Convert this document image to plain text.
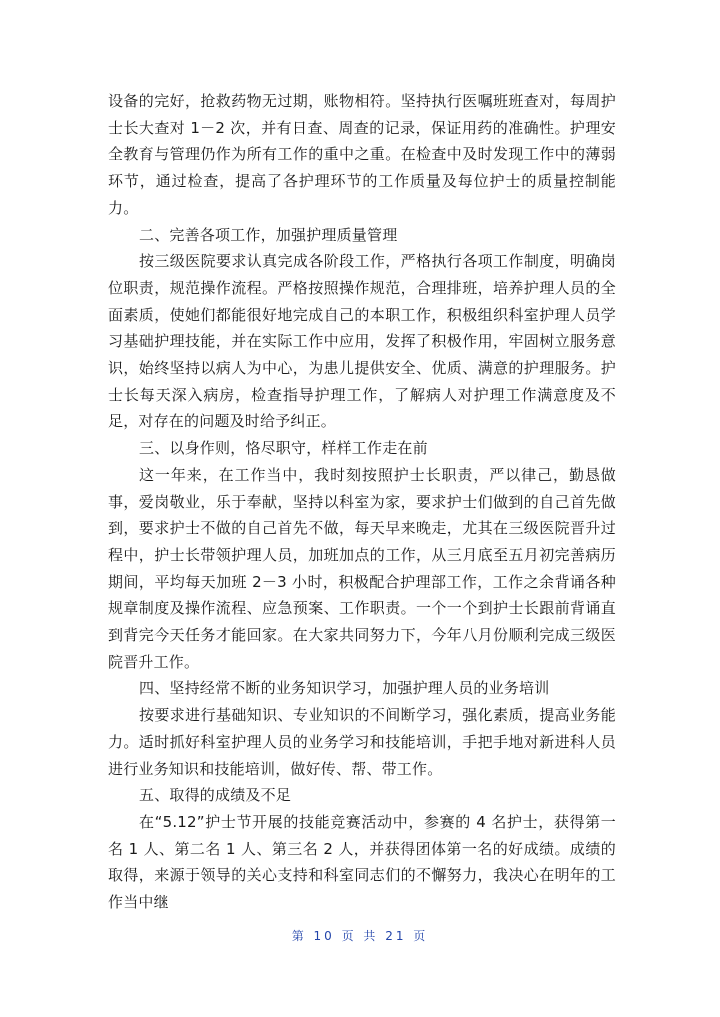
设备的完好，抢救药物无过期，账物相符。坚持执行医嘱班班查对，每周护士长大查对 1－2 次，并有日查、周查的记录，保证用药的准确性。护理安全教育与管理仍作为所有工作的重中之重。在检查中及时发现工作中的薄弱环节，通过检查，提高了各护理环节的工作质量及每位护士的质量控制能力。

二、完善各项工作，加强护理质量管理

按三级医院要求认真完成各阶段工作，严格执行各项工作制度，明确岗位职责，规范操作流程。严格按照操作规范，合理排班，培养护理人员的全面素质，使她们都能很好地完成自己的本职工作，积极组织科室护理人员学习基础护理技能，并在实际工作中应用，发挥了积极作用，牢固树立服务意识，始终坚持以病人为中心，为患儿提供安全、优质、满意的护理服务。护士长每天深入病房，检查指导护理工作，了解病人对护理工作满意度及不足，对存在的问题及时给予纠正。

三、以身作则，恪尽职守，样样工作走在前

这一年来，在工作当中，我时刻按照护士长职责，严以律己，勤恳做事，爱岗敬业，乐于奉献，坚持以科室为家，要求护士们做到的自己首先做到，要求护士不做的自己首先不做，每天早来晚走，尤其在三级医院晋升过程中，护士长带领护理人员，加班加点的工作，从三月底至五月初完善病历期间，平均每天加班 2－3 小时，积极配合护理部工作，工作之余背诵各种规章制度及操作流程、应急预案、工作职责。一个一个到护士长跟前背诵直到背完今天任务才能回家。在大家共同努力下，今年八月份顺利完成三级医院晋升工作。

四、坚持经常不断的业务知识学习，加强护理人员的业务培训

按要求进行基础知识、专业知识的不间断学习，强化素质，提高业务能力。适时抓好科室护理人员的业务学习和技能培训，手把手地对新进科人员进行业务知识和技能培训，做好传、帮、带工作。

五、取得的成绩及不足

在“5.12”护士节开展的技能竞赛活动中，参赛的 4 名护士，获得第一名 1 人、第二名 1 人、第三名 2 人，并获得团体第一名的好成绩。成绩的取得，来源于领导的关心支持和科室同志们的不懈努力，我决心在明年的工作当中继

第 10 页 共 21 页
